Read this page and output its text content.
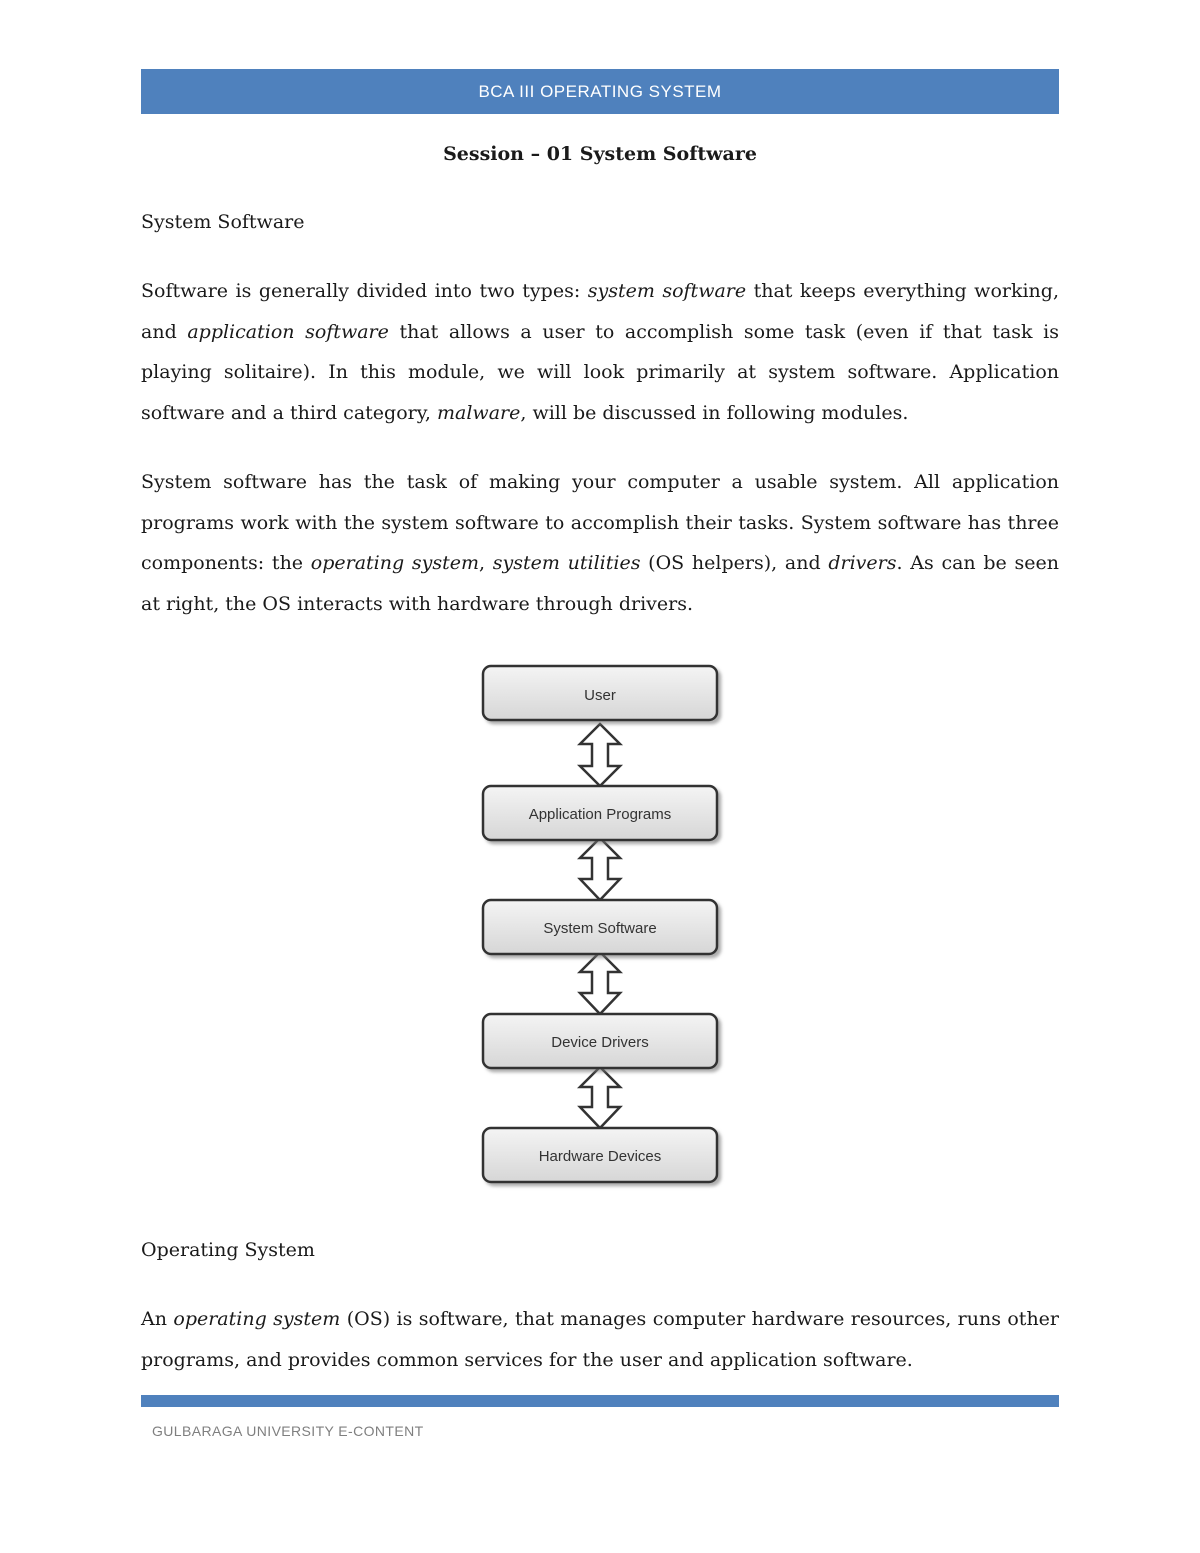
BCA III OPERATING SYSTEM
Session – 01 System Software
System Software

Software is generally divided into two types: system software that keeps everything working, and application software that allows a user to accomplish some task (even if that task is playing solitaire). In this module, we will look primarily at system software. Application software and a third category, malware, will be discussed in following modules.

System software has the task of making your computer a usable system. All application programs work with the system software to accomplish their tasks. System software has three components: the operating system, system utilities (OS helpers), and drivers. As can be seen at right, the OS interacts with hardware through drivers.

User
Application Programs
System Software
Device Drivers
Hardware Devices
Operating System

An operating system (OS) is software, that manages computer hardware resources, runs other programs, and provides common services for the user and application software.

GULBARAGA UNIVERSITY E-CONTENT
